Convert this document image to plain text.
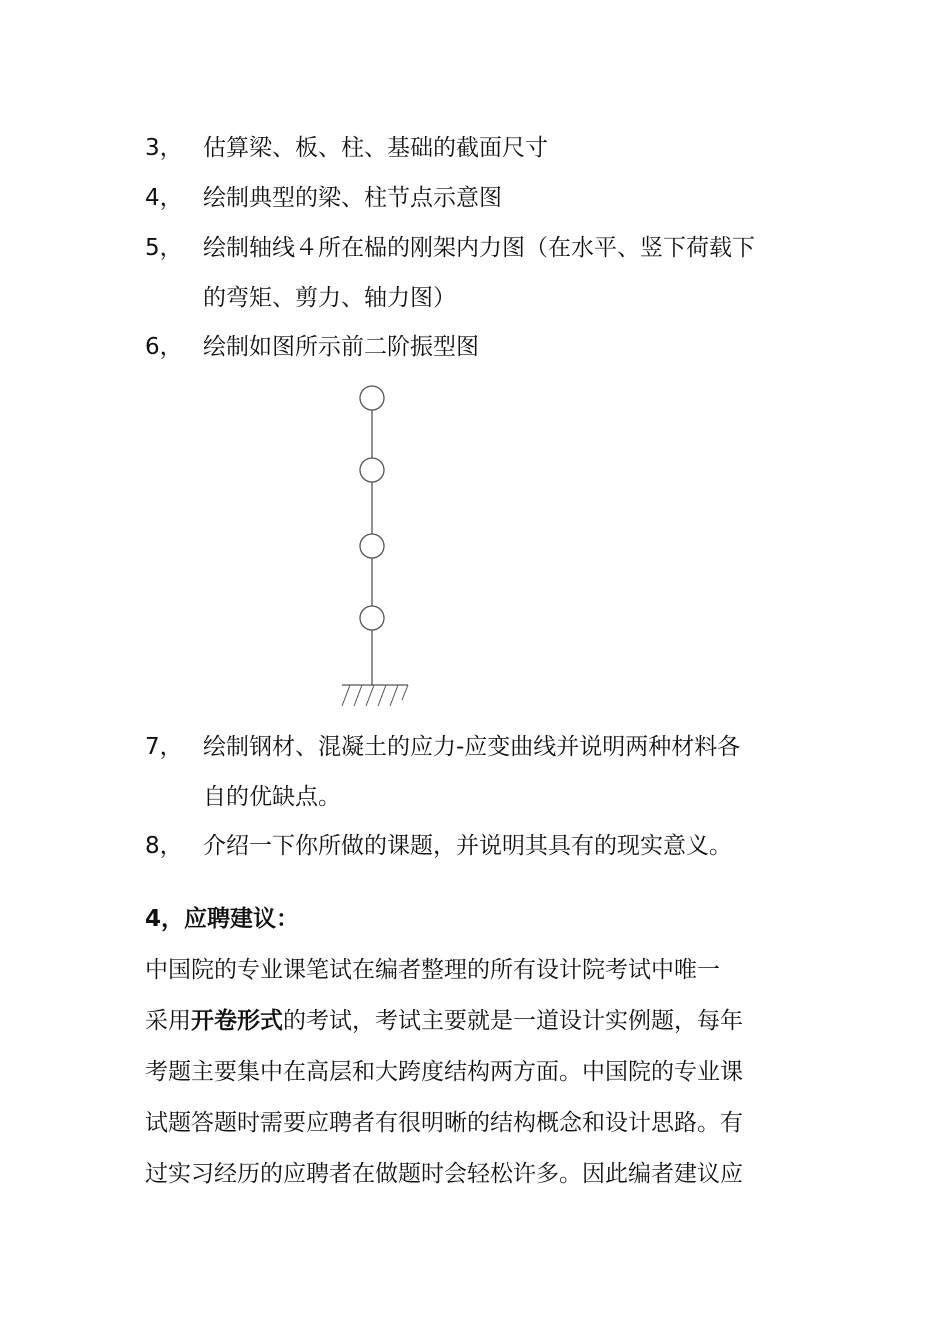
3， 估算梁、板、柱、基础的截面尺寸
4， 绘制典型的梁、柱节点示意图
5， 绘制轴线４所在榀的刚架内力图（在水平、竖下荷载下
的弯矩、剪力、轴力图）
6， 绘制如图所示前二阶振型图
7， 绘制钢材、混凝土的应力-应变曲线并说明两种材料各
自的优缺点。
8， 介绍一下你所做的课题，并说明其具有的现实意义。
4，应聘建议：
中国院的专业课笔试在编者整理的所有设计院考试中唯一
采用开卷形式的考试，考试主要就是一道设计实例题，每年
考题主要集中在高层和大跨度结构两方面。中国院的专业课
试题答题时需要应聘者有很明晰的结构概念和设计思路。有
过实习经历的应聘者在做题时会轻松许多。因此编者建议应
